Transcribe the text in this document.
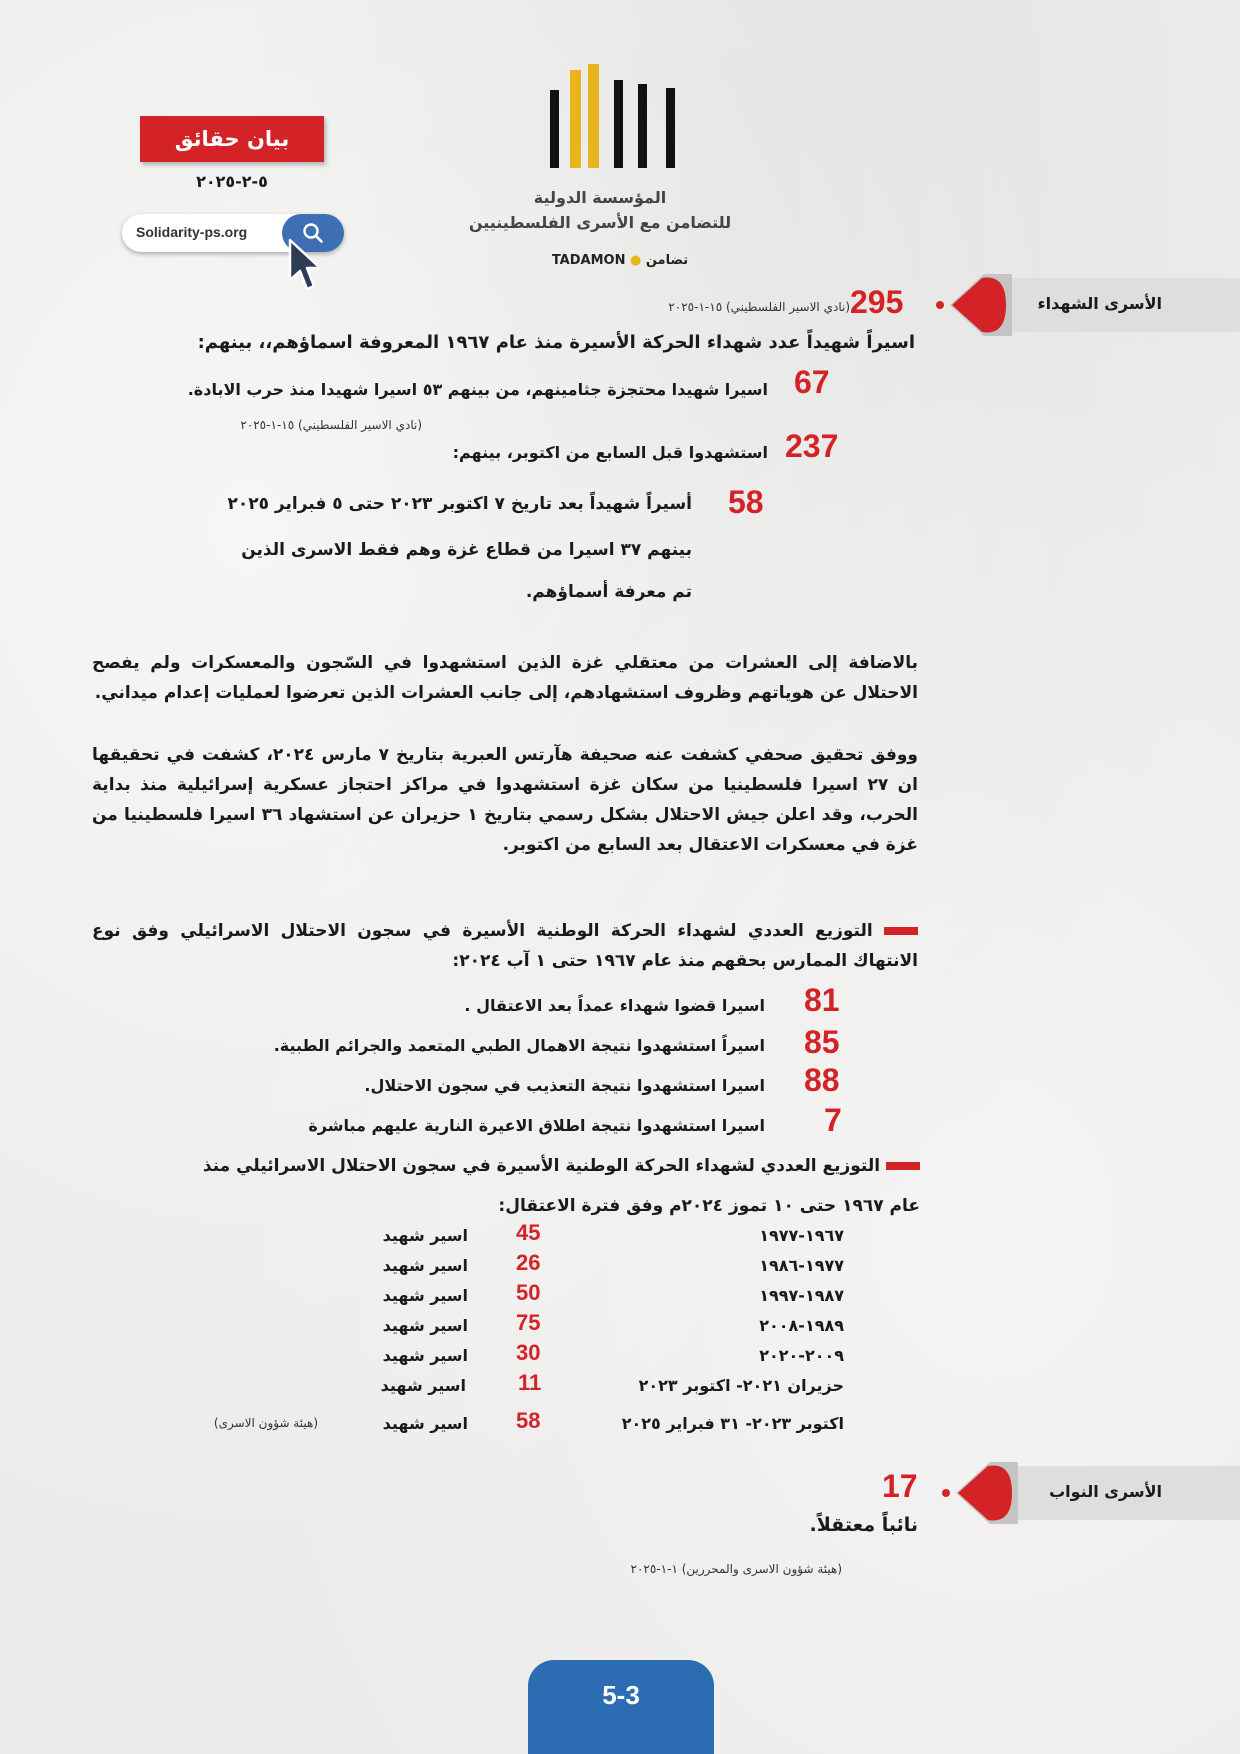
المؤسسة الدولية
للتضامن مع الأسرى الفلسطينيين
TADAMON ● تضامن
بيان حقائق
٥-٢-٢٠٢٥
Solidarity-ps.org
الأسرى الشهداء
295
(نادي الاسير الفلسطيني) ١٥-١-٢٠٢٥
اسيراً شهيداً عدد شهداء الحركة الأسيرة منذ عام ١٩٦٧ المعروفة اسماؤهم،، بينهم:
67
اسيرا شهيدا محتجزة جثامينهم، من بينهم ٥٣ اسيرا شهيدا منذ حرب الابادة.
(نادي الاسير الفلسطيني) ١٥-١-٢٠٢٥
237
استشهدوا قبل السابع من اكتوبر، بينهم:
58
أسيراً شهيداً بعد تاريخ ٧ اكتوبر ٢٠٢٣ حتى ٥ فبراير ٢٠٢٥
بينهم ٣٧ اسيرا من قطاع غزة وهم فقط الاسرى الذين
تم معرفة أسماؤهم.
بالاضافة إلى العشرات من معتقلي غزة الذين استشهدوا في السّجون والمعسكرات ولم يفصح الاحتلال عن هوياتهم وظروف استشهادهم، إلى جانب العشرات الذين تعرضوا لعمليات إعدام ميداني.
ووفق تحقيق صحفي كشفت عنه صحيفة هآرتس العبرية بتاريخ ٧ مارس ٢٠٢٤، كشفت في تحقيقها ان ٢٧ اسيرا فلسطينيا من سكان غزة استشهدوا في مراكز احتجاز عسكرية إسرائيلية منذ بداية الحرب، وقد اعلن جيش الاحتلال بشكل رسمي بتاريخ ١ حزيران عن استشهاد ٣٦ اسيرا فلسطينيا من غزة في معسكرات الاعتقال بعد السابع من اكتوبر.
التوزيع العددي لشهداء الحركة الوطنية الأسيرة في سجون الاحتلال الاسرائيلي وفق نوع الانتهاك الممارس بحقهم منذ عام ١٩٦٧ حتى ١ آب ٢٠٢٤:
81
اسيرا قضوا شهداء عمداً بعد الاعتقال .
85
اسيراً استشهدوا نتيجة الاهمال الطبي المتعمد والجرائم الطبية.
88
اسيرا استشهدوا نتيجة التعذيب في سجون الاحتلال.
7
اسيرا استشهدوا نتيجة اطلاق الاعيرة النارية عليهم مباشرة
التوزيع العددي لشهداء الحركة الوطنية الأسيرة في سجون الاحتلال الاسرائيلي منذ
عام ١٩٦٧ حتى ١٠ تموز ٢٠٢٤م وفق فترة الاعتقال:
١٩٦٧-١٩٧٧
45
اسير شهيد
١٩٧٧-١٩٨٦
26
اسير شهيد
١٩٨٧-١٩٩٧
50
اسير شهيد
١٩٨٩-٢٠٠٨
75
اسير شهيد
٢٠٠٩-٢٠٢٠
30
اسير شهيد
حزيران ٢٠٢١- اكتوبر ٢٠٢٣
11
اسير شهيد
اكتوبر ٢٠٢٣- ٣١ فبراير ٢٠٢٥
58
اسير شهيد
(هيئة شؤون الاسرى)
الأسرى النواب
17
نائباً معتقلاً.
(هيئة شؤون الاسرى والمحررين) ١-١-٢٠٢٥
5-3
